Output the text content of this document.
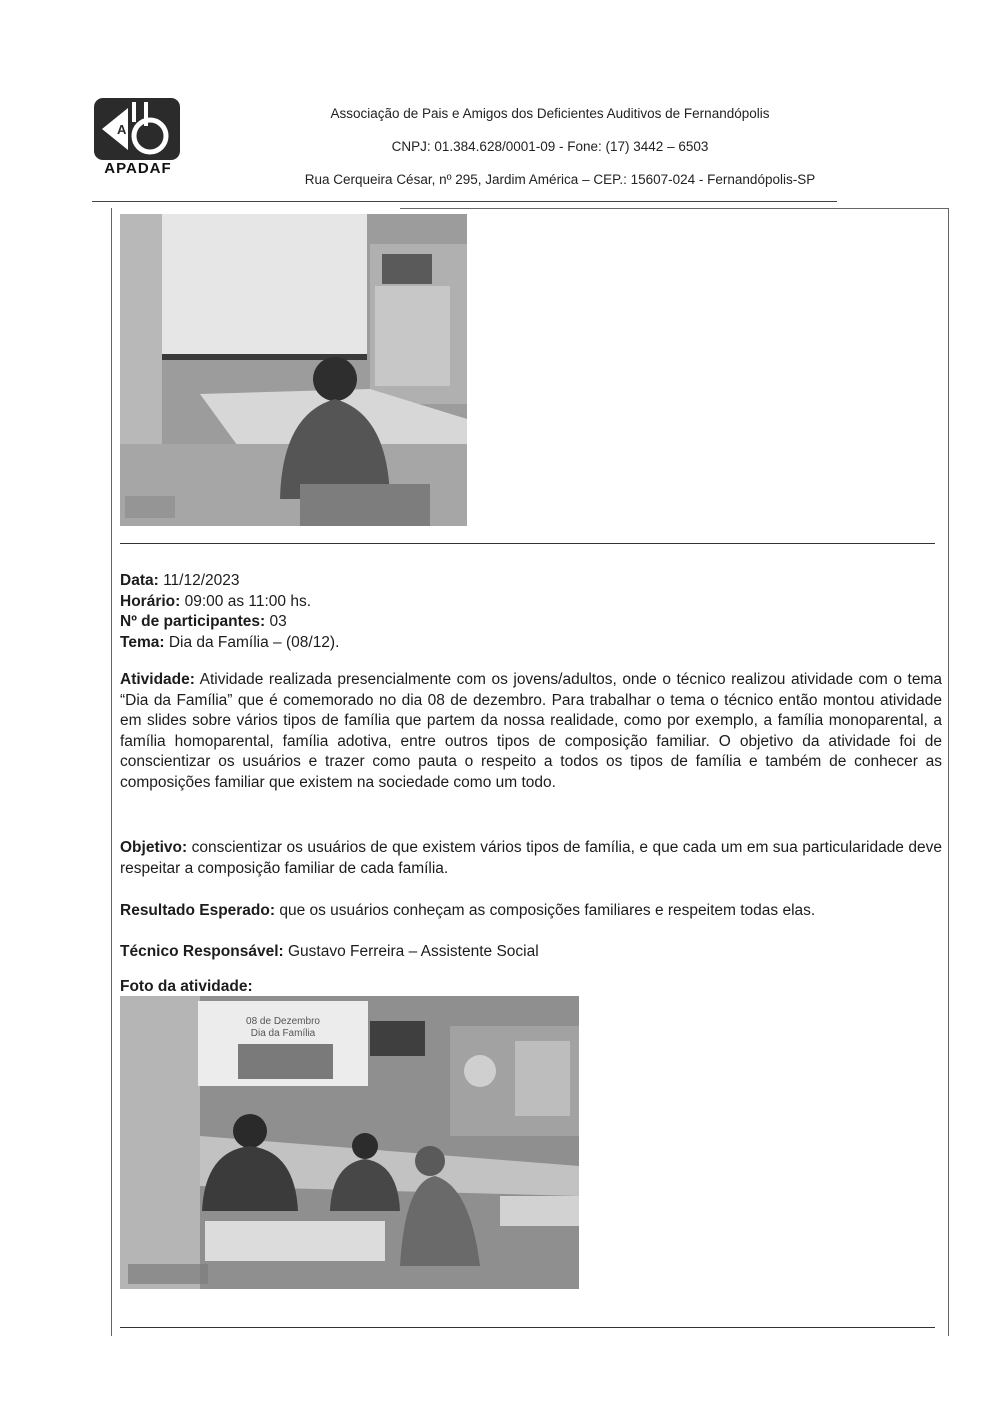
A
APADAF
Associação de Pais e Amigos dos Deficientes Auditivos de Fernandópolis
CNPJ: 01.384.628/0001-09 - Fone: (17) 3442 – 6503
Rua Cerqueira César, nº 295, Jardim América – CEP.: 15607-024 - Fernandópolis-SP
Data: 11/12/2023
Horário: 09:00 as 11:00 hs.
Nº de participantes: 03
Tema: Dia da Família – (08/12).
Atividade: Atividade realizada presencialmente com os jovens/adultos, onde o técnico realizou atividade com o tema “Dia da Família” que é comemorado no dia 08 de dezembro. Para trabalhar o tema o técnico então montou atividade em slides sobre vários tipos de família que partem da nossa realidade, como por exemplo, a família monoparental, a família homoparental, família adotiva, entre outros tipos de composição familiar. O objetivo da atividade foi de conscientizar os usuários e trazer como pauta o respeito a todos os tipos de família e também de conhecer as composições familiar que existem na sociedade como um todo.
Objetivo: conscientizar os usuários de que existem vários tipos de família, e que cada um em sua particularidade deve respeitar a composição familiar de cada família.
Resultado Esperado: que os usuários conheçam as composições familiares e respeitem todas elas.
Técnico Responsável: Gustavo Ferreira – Assistente Social
Foto da atividade:
08 de Dezembro
Dia da Família
